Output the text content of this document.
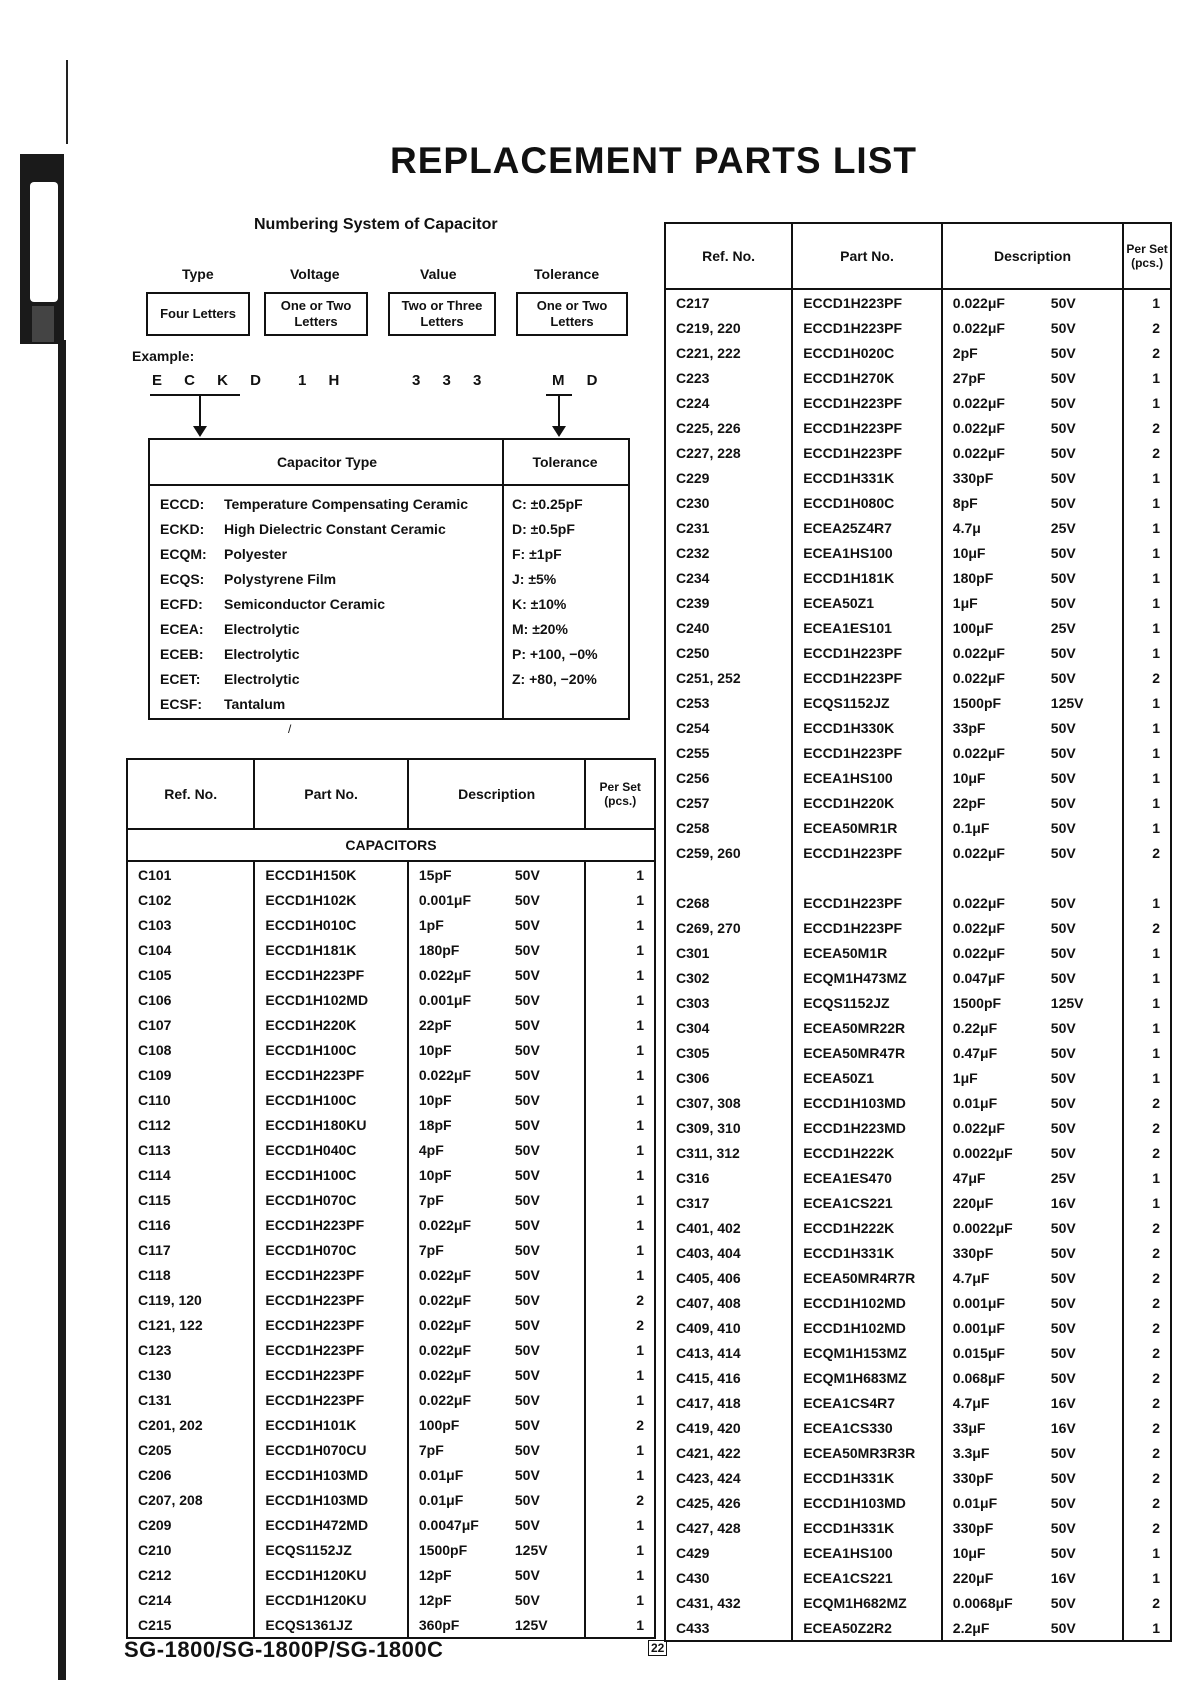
REPLACEMENT PARTS LIST
Numbering System of Capacitor
Type	Voltage	Value	Tolerance
Four Letters
One or Two Letters
Two or Three Letters
One or Two Letters
Example:
E C K D 1 H	3 3 3	M D
Capacitor Type	Tolerance
ECCD: Temperature Compensating Ceramic
ECKD: High Dielectric Constant Ceramic
ECQM: Polyester
ECQS: Polystyrene Film
ECFD: Semiconductor Ceramic
ECEA: Electrolytic
ECEB: Electrolytic
ECET: Electrolytic
ECSF: Tantalum
C: ±0.25pF
D: ±0.5pF
F: ±1pF
J: ±5%
K: ±10%
M: ±20%
P: +100, −0%
Z: +80, −20%
/
Ref. No.	Part No.	Description	Per Set (pcs.)
CAPACITORS			
C101	ECCD1H150K	15pF 50V	1
C102	ECCD1H102K	0.001μF 50V	1
C103	ECCD1H010C	1pF 50V	1
C104	ECCD1H181K	180pF 50V	1
C105	ECCD1H223PF	0.022μF 50V	1
C106	ECCD1H102MD	0.001μF 50V	1
C107	ECCD1H220K	22pF 50V	1
C108	ECCD1H100C	10pF 50V	1
C109	ECCD1H223PF	0.022μF 50V	1
C110	ECCD1H100C	10pF 50V	1
C112	ECCD1H180KU	18pF 50V	1
C113	ECCD1H040C	4pF 50V	1
C114	ECCD1H100C	10pF 50V	1
C115	ECCD1H070C	7pF 50V	1
C116	ECCD1H223PF	0.022μF 50V	1
C117	ECCD1H070C	7pF 50V	1
C118	ECCD1H223PF	0.022μF 50V	1
C119, 120	ECCD1H223PF	0.022μF 50V	2
C121, 122	ECCD1H223PF	0.022μF 50V	2
C123	ECCD1H223PF	0.022μF 50V	1
C130	ECCD1H223PF	0.022μF 50V	1
C131	ECCD1H223PF	0.022μF 50V	1
C201, 202	ECCD1H101K	100pF 50V	2
C205	ECCD1H070CU	7pF 50V	1
C206	ECCD1H103MD	0.01μF 50V	1
C207, 208	ECCD1H103MD	0.01μF 50V	2
C209	ECCD1H472MD	0.0047μF 50V	1
C210	ECQS1152JZ	1500pF 125V	1
C212	ECCD1H120KU	12pF 50V	1
C214	ECCD1H120KU	12pF 50V	1
C215	ECQS1361JZ	360pF 125V	1
Ref. No.	Part No.	Description	Per Set (pcs.)
C217	ECCD1H223PF	0.022μF 50V	1
C219, 220	ECCD1H223PF	0.022μF 50V	2
C221, 222	ECCD1H020C	2pF 50V	2
C223	ECCD1H270K	27pF 50V	1
C224	ECCD1H223PF	0.022μF 50V	1
C225, 226	ECCD1H223PF	0.022μF 50V	2
C227, 228	ECCD1H223PF	0.022μF 50V	2
C229	ECCD1H331K	330pF 50V	1
C230	ECCD1H080C	8pF 50V	1
C231	ECEA25Z4R7	4.7μ 25V	1
C232	ECEA1HS100	10μF 50V	1
C234	ECCD1H181K	180pF 50V	1
C239	ECEA50Z1	1μF 50V	1
C240	ECEA1ES101	100μF 25V	1
C250	ECCD1H223PF	0.022μF 50V	1
C251, 252	ECCD1H223PF	0.022μF 50V	2
C253	ECQS1152JZ	1500pF 125V	1
C254	ECCD1H330K	33pF 50V	1
C255	ECCD1H223PF	0.022μF 50V	1
C256	ECEA1HS100	10μF 50V	1
C257	ECCD1H220K	22pF 50V	1
C258	ECEA50MR1R	0.1μF 50V	1
C259, 260	ECCD1H223PF	0.022μF 50V	2

C268	ECCD1H223PF	0.022μF 50V	1
C269, 270	ECCD1H223PF	0.022μF 50V	2
C301	ECEA50M1R	0.022μF 50V	1
C302	ECQM1H473MZ	0.047μF 50V	1
C303	ECQS1152JZ	1500pF 125V	1
C304	ECEA50MR22R	0.22μF 50V	1
C305	ECEA50MR47R	0.47μF 50V	1
C306	ECEA50Z1	1μF 50V	1
C307, 308	ECCD1H103MD	0.01μF 50V	2
C309, 310	ECCD1H223MD	0.022μF 50V	2
C311, 312	ECCD1H222K	0.0022μF 50V	2
C316	ECEA1ES470	47μF 25V	1
C317	ECEA1CS221	220μF 16V	1
C401, 402	ECCD1H222K	0.0022μF 50V	2
C403, 404	ECCD1H331K	330pF 50V	2
C405, 406	ECEA50MR4R7R	4.7μF 50V	2
C407, 408	ECCD1H102MD	0.001μF 50V	2
C409, 410	ECCD1H102MD	0.001μF 50V	2
C413, 414	ECQM1H153MZ	0.015μF 50V	2
C415, 416	ECQM1H683MZ	0.068μF 50V	2
C417, 418	ECEA1CS4R7	4.7μF 16V	2
C419, 420	ECEA1CS330	33μF 16V	2
C421, 422	ECEA50MR3R3R	3.3μF 50V	2
C423, 424	ECCD1H331K	330pF 50V	2
C425, 426	ECCD1H103MD	0.01μF 50V	2
C427, 428	ECCD1H331K	330pF 50V	2
C429	ECEA1HS100	10μF 50V	1
C430	ECEA1CS221	220μF 16V	1
C431, 432	ECQM1H682MZ	0.0068μF 50V	2
C433	ECEA50Z2R2	2.2μF 50V	1
SG-1800/SG-1800P/SG-1800C	22
